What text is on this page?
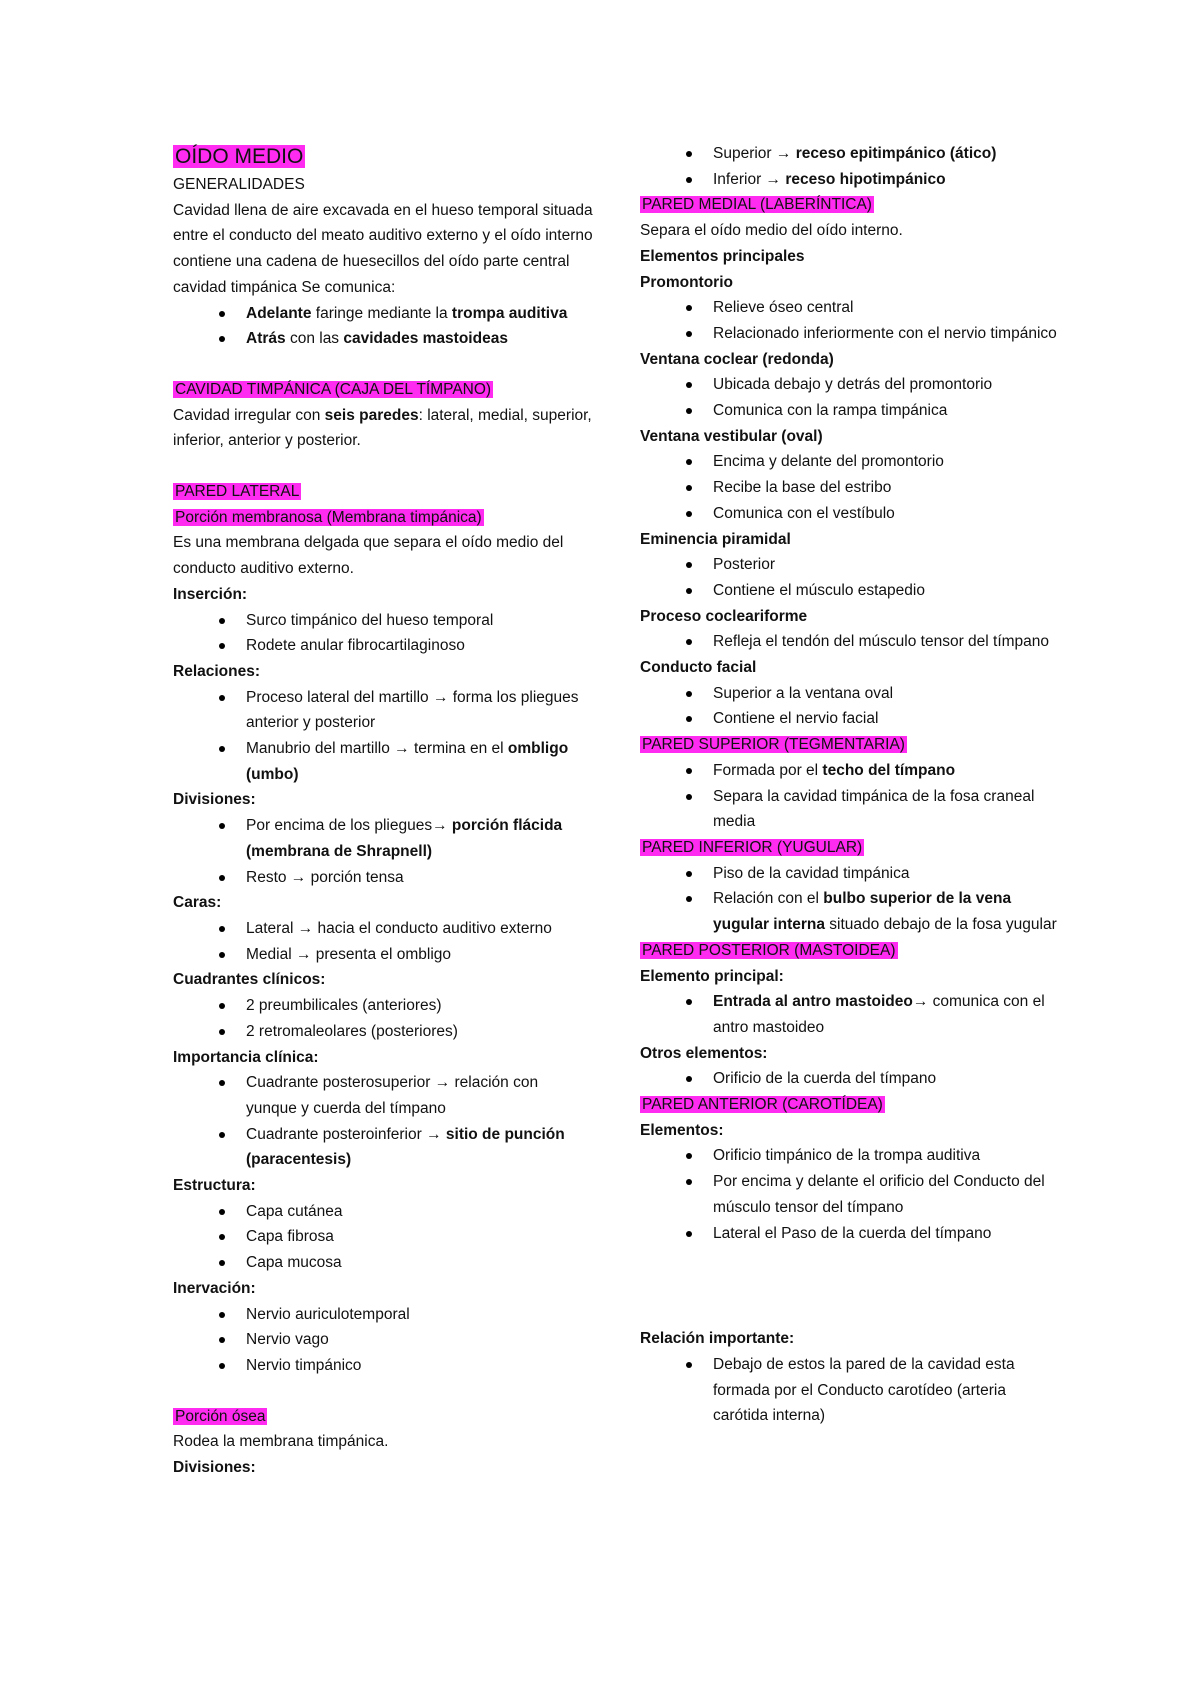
OÍDO MEDIO
GENERALIDADES
Cavidad llena de aire excavada en el hueso temporal situada entre el conducto del meato auditivo externo y el oído interno contiene una cadena de huesecillos del oído parte central cavidad timpánica Se comunica:
Adelante faringe mediante la trompa auditiva
Atrás con las cavidades mastoideas
CAVIDAD TIMPÁNICA (CAJA DEL TÍMPANO)
Cavidad irregular con seis paredes: lateral, medial, superior, inferior, anterior y posterior.
PARED LATERAL
Porción membranosa (Membrana timpánica)
Es una membrana delgada que separa el oído medio del conducto auditivo externo.
Inserción:
Surco timpánico del hueso temporal
Rodete anular fibrocartilaginoso
Relaciones:
Proceso lateral del martillo → forma los pliegues anterior y posterior
Manubrio del martillo → termina en el ombligo (umbo)
Divisiones:
Por encima de los pliegues→ porción flácida (membrana de Shrapnell)
Resto → porción tensa
Caras:
Lateral → hacia el conducto auditivo externo
Medial → presenta el ombligo
Cuadrantes clínicos:
2 preumbilicales (anteriores)
2 retromaleolares (posteriores)
Importancia clínica:
Cuadrante posterosuperior → relación con yunque y cuerda del tímpano
Cuadrante posteroinferior → sitio de punción (paracentesis)
Estructura:
Capa cutánea
Capa fibrosa
Capa mucosa
Inervación:
Nervio auriculotemporal
Nervio vago
Nervio timpánico
Porción ósea
Rodea la membrana timpánica.
Divisiones:
Superior → receso epitimpánico (ático)
Inferior → receso hipotimpánico
PARED MEDIAL (LABERÍNTICA)
Separa el oído medio del oído interno.
Elementos principales
Promontorio
Relieve óseo central
Relacionado inferiormente con el nervio timpánico
Ventana coclear (redonda)
Ubicada debajo y detrás del promontorio
Comunica con la rampa timpánica
Ventana vestibular (oval)
Encima y delante del promontorio
Recibe la base del estribo
Comunica con el vestíbulo
Eminencia piramidal
Posterior
Contiene el músculo estapedio
Proceso cocleariforme
Refleja el tendón del músculo tensor del tímpano
Conducto facial
Superior a la ventana oval
Contiene el nervio facial
PARED SUPERIOR (TEGMENTARIA)
Formada por el techo del tímpano
Separa la cavidad timpánica de la fosa craneal media
PARED INFERIOR (YUGULAR)
Piso de la cavidad timpánica
Relación con el bulbo superior de la vena yugular interna situado debajo de la fosa yugular
PARED POSTERIOR (MASTOIDEA)
Elemento principal:
Entrada al antro mastoideo→ comunica con el antro mastoideo
Otros elementos:
Orificio de la cuerda del tímpano
PARED ANTERIOR (CAROTÍDEA)
Elementos:
Orificio timpánico de la trompa auditiva
Por encima y delante el orificio del Conducto del músculo tensor del tímpano
Lateral el Paso de la cuerda del tímpano
Relación importante:
Debajo de estos la pared de la cavidad esta formada por el Conducto carotídeo (arteria carótida interna)
